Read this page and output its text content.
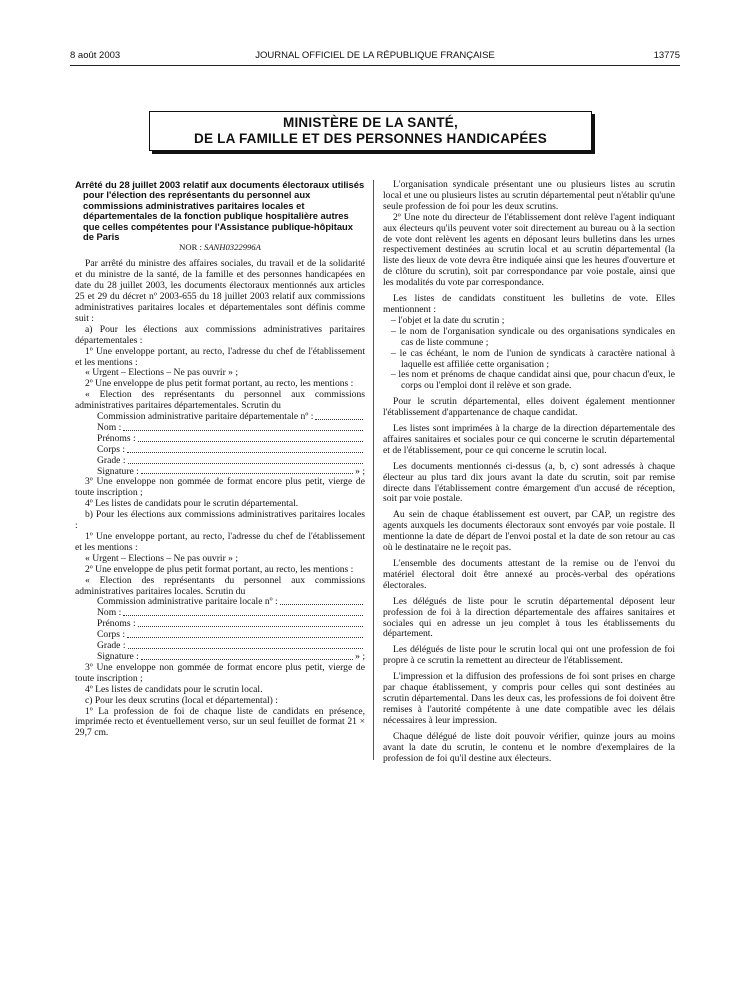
8 août 2003	JOURNAL OFFICIEL DE LA RÉPUBLIQUE FRANÇAISE	13775
MINISTÈRE DE LA SANTÉ,
DE LA FAMILLE ET DES PERSONNES HANDICAPÉES

Arrêté du 28 juillet 2003 relatif aux documents électoraux utilisés pour l'élection des représentants du personnel aux commissions administratives paritaires locales et départementales de la fonction publique hospitalière autres que celles compétentes pour l'Assistance publique-hôpitaux de Paris

NOR : SANH0322996A

Par arrêté du ministre des affaires sociales, du travail et de la solidarité et du ministre de la santé, de la famille et des personnes handicapées en date du 28 juillet 2003, les documents électoraux mentionnés aux articles 25 et 29 du décret nº 2003-655 du 18 juillet 2003 relatif aux commissions administratives paritaires locales et départementales sont définis comme suit :

a) Pour les élections aux commissions administratives paritaires départementales :

1º Une enveloppe portant, au recto, l'adresse du chef de l'établissement et les mentions :

« Urgent – Elections – Ne pas ouvrir » ;

2º Une enveloppe de plus petit format portant, au recto, les mentions :

« Election des représentants du personnel aux commissions administratives paritaires départementales. Scrutin du
Commission administrative paritaire départementale nº :
Nom :
Prénoms :
Corps :
Grade :
Signature :	» ;

3º Une enveloppe non gommée de format encore plus petit, vierge de toute inscription ;

4º Les listes de candidats pour le scrutin départemental.

b) Pour les élections aux commissions administratives paritaires locales :

1º Une enveloppe portant, au recto, l'adresse du chef de l'établissement et les mentions :

« Urgent – Elections – Ne pas ouvrir » ;

2º Une enveloppe de plus petit format portant, au recto, les mentions :

« Election des représentants du personnel aux commissions administratives paritaires locales. Scrutin du
Commission administrative paritaire locale nº :
Nom :
Prénoms :
Corps :
Grade :
Signature :	» ;

3º Une enveloppe non gommée de format encore plus petit, vierge de toute inscription ;

4º Les listes de candidats pour le scrutin local.

c) Pour les deux scrutins (local et départemental) :

1º La profession de foi de chaque liste de candidats en présence, imprimée recto et éventuellement verso, sur un seul feuillet de format 21 × 29,7 cm.

L'organisation syndicale présentant une ou plusieurs listes au scrutin local et une ou plusieurs listes au scrutin départemental peut n'établir qu'une seule profession de foi pour les deux scrutins.

2º Une note du directeur de l'établissement dont relève l'agent indiquant aux électeurs qu'ils peuvent voter soit directement au bureau ou à la section de vote dont relèvent les agents en déposant leurs bulletins dans les urnes respectivement destinées au scrutin local et au scrutin départemental (la liste des lieux de vote devra être indiquée ainsi que les heures d'ouverture et de clôture du scrutin), soit par correspondance par voie postale, ainsi que les modalités du vote par correspondance.

Les listes de candidats constituent les bulletins de vote. Elles mentionnent :

– l'objet et la date du scrutin ;

– le nom de l'organisation syndicale ou des organisations syndicales en cas de liste commune ;

– le cas échéant, le nom de l'union de syndicats à caractère national à laquelle est affiliée cette organisation ;

– les nom et prénoms de chaque candidat ainsi que, pour chacun d'eux, le corps ou l'emploi dont il relève et son grade.

Pour le scrutin départemental, elles doivent également mentionner l'établissement d'appartenance de chaque candidat.

Les listes sont imprimées à la charge de la direction départementale des affaires sanitaires et sociales pour ce qui concerne le scrutin départemental et de l'établissement, pour ce qui concerne le scrutin local.

Les documents mentionnés ci-dessus (a, b, c) sont adressés à chaque électeur au plus tard dix jours avant la date du scrutin, soit par remise directe dans l'établissement contre émargement d'un accusé de réception, soit par voie postale.

Au sein de chaque établissement est ouvert, par CAP, un registre des agents auxquels les documents électoraux sont envoyés par voie postale. Il mentionne la date de départ de l'envoi postal et la date de son retour au cas où le destinataire ne le reçoit pas.

L'ensemble des documents attestant de la remise ou de l'envoi du matériel électoral doit être annexé au procès-verbal des opérations électorales.

Les délégués de liste pour le scrutin départemental déposent leur profession de foi à la direction départementale des affaires sanitaires et sociales qui en adresse un jeu complet à tous les établissements du département.

Les délégués de liste pour le scrutin local qui ont une profession de foi propre à ce scrutin la remettent au directeur de l'établissement.

L'impression et la diffusion des professions de foi sont prises en charge par chaque établissement, y compris pour celles qui sont destinées au scrutin départemental. Dans les deux cas, les professions de foi doivent être remises à l'autorité compétente à une date compatible avec les délais nécessaires à leur impression.

Chaque délégué de liste doit pouvoir vérifier, quinze jours au moins avant la date du scrutin, le contenu et le nombre d'exemplaires de la profession de foi qu'il destine aux électeurs.
